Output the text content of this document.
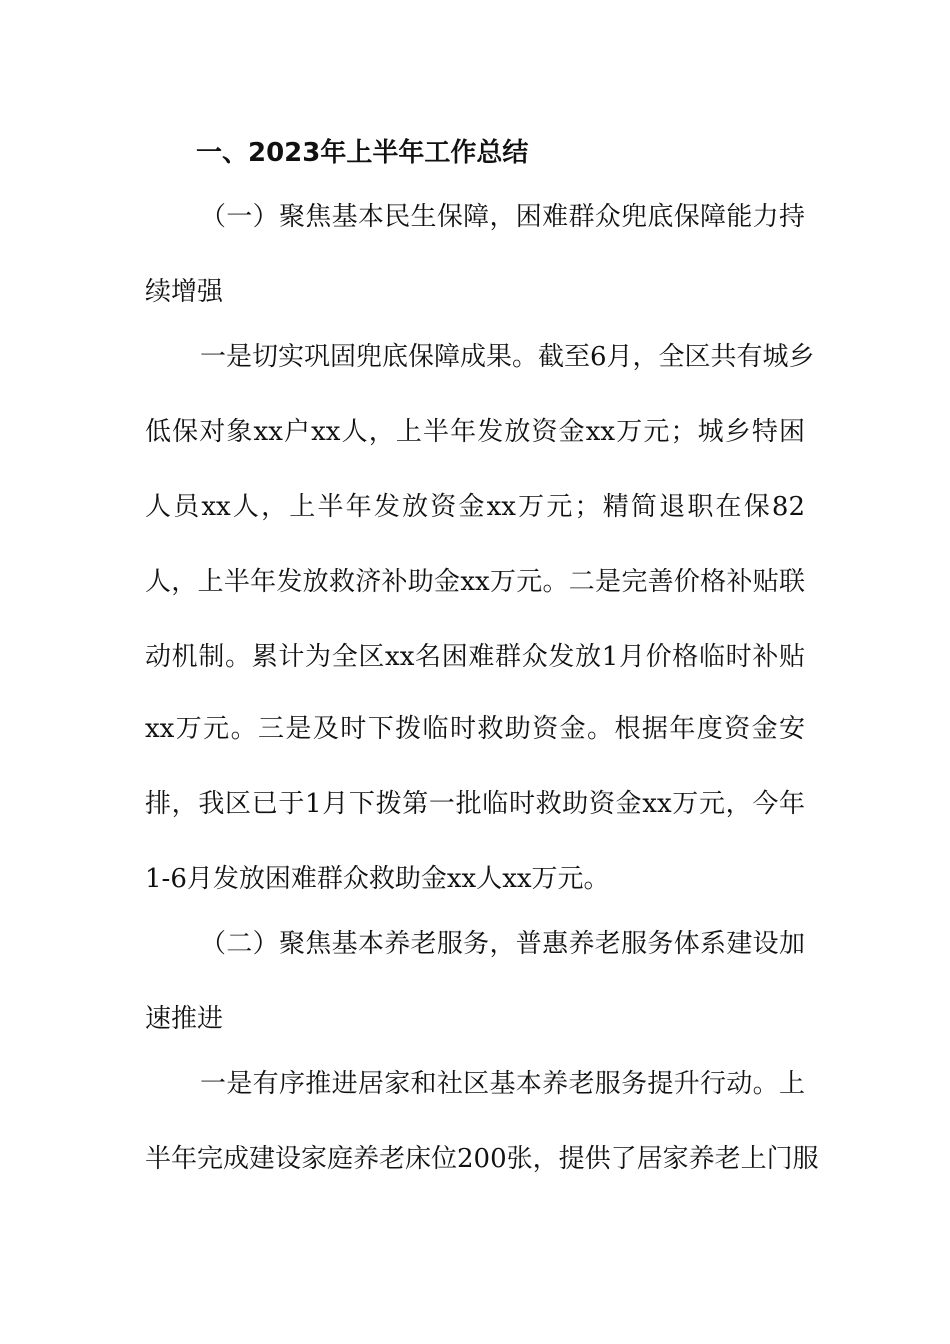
一、2023年上半年工作总结
（一）聚焦基本民生保障，困难群众兜底保障能力持
续增强
一是切实巩固兜底保障成果。截至6月，全区共有城乡
低保对象xx户xx人，上半年发放资金xx万元；城乡特困
人员xx人，上半年发放资金xx万元；精简退职在保82
人，上半年发放救济补助金xx万元。二是完善价格补贴联
动机制。累计为全区xx名困难群众发放1月价格临时补贴
xx万元。三是及时下拨临时救助资金。根据年度资金安
排，我区已于1月下拨第一批临时救助资金xx万元，今年
1-6月发放困难群众救助金xx人xx万元。
（二）聚焦基本养老服务，普惠养老服务体系建设加
速推进
一是有序推进居家和社区基本养老服务提升行动。上
半年完成建设家庭养老床位200张，提供了居家养老上门服
